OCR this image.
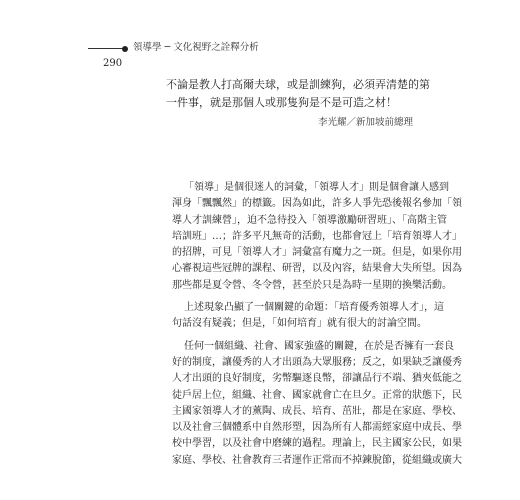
領導學 ─ 文化視野之詮釋分析
290
不論是教人打高爾夫球，或是訓練狗，必須弄清楚的第
一件事，就是那個人或那隻狗是不是可造之材！
李光耀／新加坡前總理
「領導」是個很迷人的詞彙，「領導人才」則是個會讓人感到
渾身「飄飄然」的標籤。因為如此，許多人爭先恐後報名參加「領
導人才訓練營」，迫不急待投入「領導激勵研習班」、「高階主管
培訓班」…；許多平凡無奇的活動，也都會冠上「培育領導人才」
的招牌，可見「領導人才」詞彙富有魔力之一斑。但是，如果你用
心審視這些冠牌的課程、研習，以及內容，結果會大失所望。因為
那些都是夏令營、冬令營，甚至於只是為時一星期的換樂活動。
上述現象凸顯了一個關鍵的命題：「培育優秀領導人才」，這
句話沒有疑義；但是，「如何培育」就有很大的討論空間。
任何一個組織、社會、國家強盛的關鍵，在於是否擁有一套良
好的制度，讓優秀的人才出頭為大眾服務；反之，如果缺乏讓優秀
人才出頭的良好制度，劣幣驅逐良幣，卻讓品行不端、猶夾低能之
徒戶居上位，組織、社會、國家就會亡在旦夕。正常的狀態下，民
主國家領導人才的薰陶、成長、培育、茁壯，都是在家庭、學校、
以及社會三個體系中自然形塑，因為所有人都需經家庭中成長、學
校中學習，以及社會中磨練的過程。理論上，民主國家公民，如果
家庭、學校、社會教育三者運作正常而不掉鍊脫節，從組織或廣大
